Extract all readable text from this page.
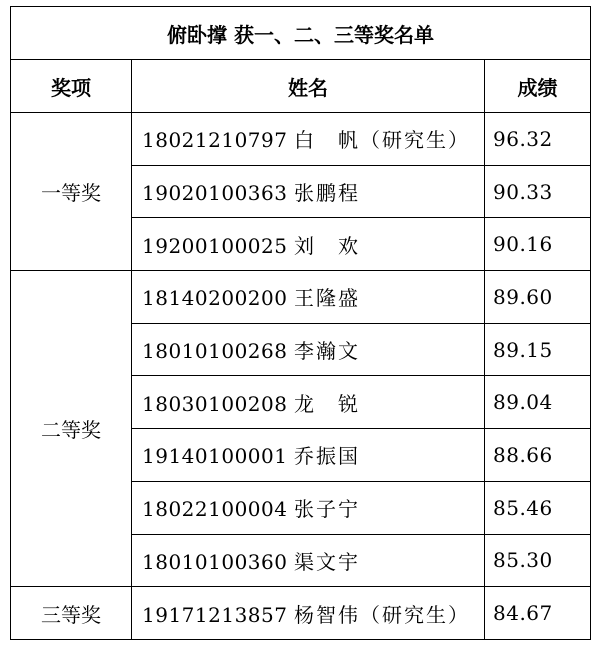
俯卧撑 获一、二、三等奖名单		
奖项	姓名	成绩
一等奖	18021210797 白　帆（研究生）	96.32
	19020100363 张鹏程	90.33
	19200100025 刘　欢	90.16
二等奖	18140200200 王隆盛	89.60
	18010100268 李瀚文	89.15
	18030100208 龙　锐	89.04
	19140100001 乔振国	88.66
	18022100004 张子宁	85.46
	18010100360 渠文宇	85.30
三等奖	19171213857 杨智伟（研究生）	84.67
